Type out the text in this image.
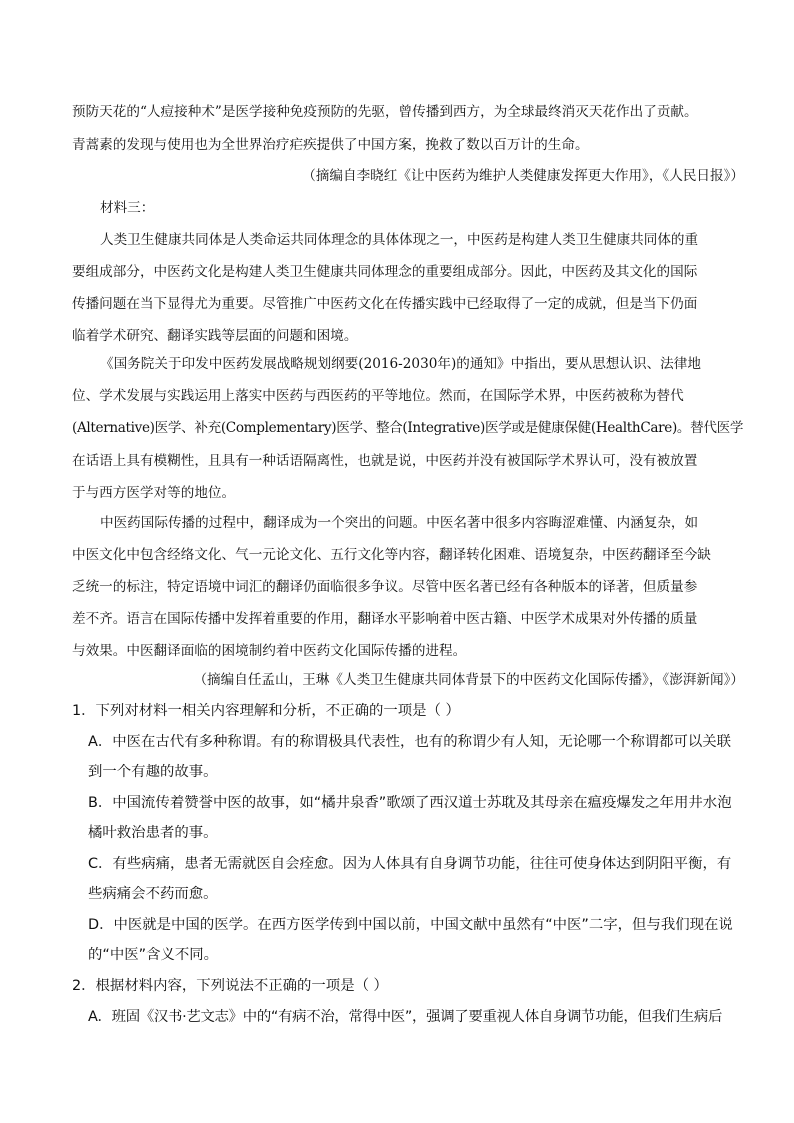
预防天花的“人痘接种术”是医学接种免疫预防的先驱，曾传播到西方，为全球最终消灭天花作出了贡献。
青蒿素的发现与使用也为全世界治疗疟疾提供了中国方案，挽救了数以百万计的生命。
（摘编自李晓红《让中医药为维护人类健康发挥更大作用》，《人民日报》）
材料三：
人类卫生健康共同体是人类命运共同体理念的具体体现之一，中医药是构建人类卫生健康共同体的重
要组成部分，中医药文化是构建人类卫生健康共同体理念的重要组成部分。因此，中医药及其文化的国际
传播问题在当下显得尤为重要。尽管推广中医药文化在传播实践中已经取得了一定的成就，但是当下仍面
临着学术研究、翻译实践等层面的问题和困境。
《国务院关于印发中医药发展战略规划纲要(2016-2030年)的通知》中指出，要从思想认识、法律地
位、学术发展与实践运用上落实中医药与西医药的平等地位。然而，在国际学术界，中医药被称为替代
(Alternative)医学、补充(Complementary)医学、整合(Integrative)医学或是健康保健(HealthCare)。替代医学
在话语上具有模糊性，且具有一种话语隔离性，也就是说，中医药并没有被国际学术界认可，没有被放置
于与西方医学对等的地位。
中医药国际传播的过程中，翻译成为一个突出的问题。中医名著中很多内容晦涩难懂、内涵复杂，如
中医文化中包含经络文化、气一元论文化、五行文化等内容，翻译转化困难、语境复杂，中医药翻译至今缺
乏统一的标注，特定语境中词汇的翻译仍面临很多争议。尽管中医名著已经有各种版本的译著，但质量参
差不齐。语言在国际传播中发挥着重要的作用，翻译水平影响着中医古籍、中医学术成果对外传播的质量
与效果。中医翻译面临的困境制约着中医药文化国际传播的进程。
（摘编自任孟山，王琳《人类卫生健康共同体背景下的中医药文化国际传播》，《澎湃新闻》）
1．下列对材料一相关内容理解和分析，不正确的一项是（ ）
A．中医在古代有多种称谓。有的称谓极具代表性，也有的称谓少有人知，无论哪一个称谓都可以关联
到一个有趣的故事。
B．中国流传着赞誉中医的故事，如“橘井泉香”歌颂了西汉道士苏耽及其母亲在瘟疫爆发之年用井水泡
橘叶救治患者的事。
C．有些病痛，患者无需就医自会痊愈。因为人体具有自身调节功能，往往可使身体达到阴阳平衡，有
些病痛会不药而愈。
D．中医就是中国的医学。在西方医学传到中国以前，中国文献中虽然有“中医”二字，但与我们现在说
的“中医”含义不同。
2．根据材料内容，下列说法不正确的一项是（ ）
A．班固《汉书·艺文志》中的“有病不治，常得中医”，强调了要重视人体自身调节功能，但我们生病后
